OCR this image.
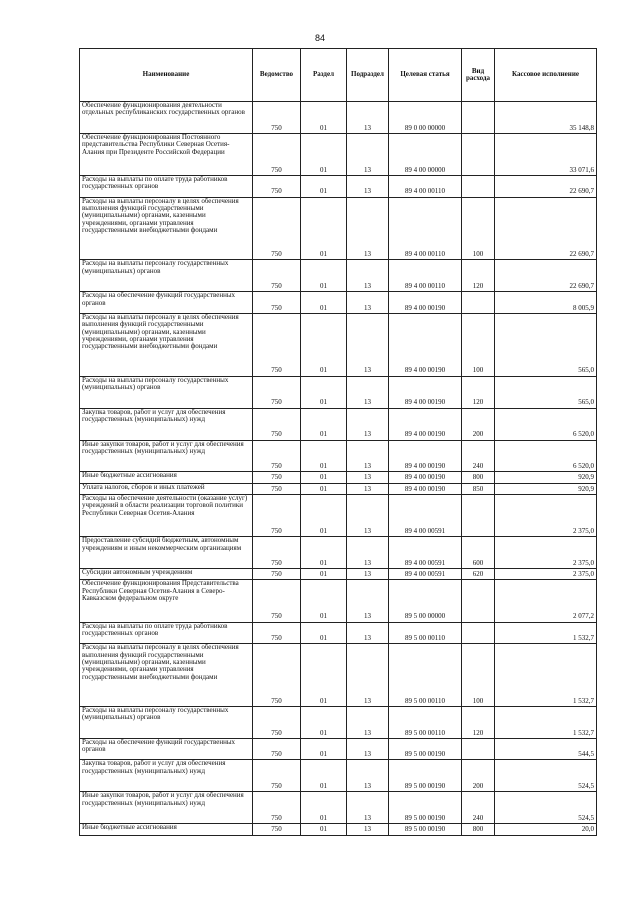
84
Наименование	Ведомство	Раздел	Подраздел	Целевая статья	Вид расхода	Кассовое исполнение
Обеспечение функционирования деятельности отдельных республиканских государственных органов	750	01	13	89 0 00 00000		35 148,8
Обеспечение функционирования Постоянного представительства Республики Северная Осетия-Алания при Президенте Российской Федерации	750	01	13	89 4 00 00000		33 071,6
Расходы на выплаты по оплате труда работников государственных органов	750	01	13	89 4 00 00110		22 690,7
Расходы на выплаты персоналу в целях обеспечения выполнения функций государственными (муниципальными) органами, казенными учреждениями, органами управления государственными внебюджетными фондами	750	01	13	89 4 00 00110	100	22 690,7
Расходы на выплаты персоналу государственных (муниципальных) органов	750	01	13	89 4 00 00110	120	22 690,7
Расходы на обеспечение функций государственных органов	750	01	13	89 4 00 00190		8 005,9
Расходы на выплаты персоналу в целях обеспечения выполнения функций государственными (муниципальными) органами, казенными учреждениями, органами управления государственными внебюджетными фондами	750	01	13	89 4 00 00190	100	565,0
Расходы на выплаты персоналу государственных (муниципальных) органов	750	01	13	89 4 00 00190	120	565,0
Закупка товаров, работ и услуг для обеспечения государственных (муниципальных) нужд	750	01	13	89 4 00 00190	200	6 520,0
Иные закупки товаров, работ и услуг для обеспечения государственных (муниципальных) нужд	750	01	13	89 4 00 00190	240	6 520,0
Иные бюджетные ассигнования	750	01	13	89 4 00 00190	800	920,9
Уплата налогов, сборов и иных платежей	750	01	13	89 4 00 00190	850	920,9
Расходы на обеспечение деятельности (оказание услуг) учреждений в области реализации торговой политики Республики Северная Осетия-Алания	750	01	13	89 4 00 00591		2 375,0
Предоставление субсидий бюджетным, автономным учреждениям и иным некоммерческим организациям	750	01	13	89 4 00 00591	600	2 375,0
Субсидии автономным учреждениям	750	01	13	89 4 00 00591	620	2 375,0
Обеспечение функционирования Представительства Республики Северная Осетия-Алания в Северо-Кавказском федеральном округе	750	01	13	89 5 00 00000		2 077,2
Расходы на выплаты по оплате труда работников государственных органов	750	01	13	89 5 00 00110		1 532,7
Расходы на выплаты персоналу в целях обеспечения выполнения функций государственными (муниципальными) органами, казенными учреждениями, органами управления государственными внебюджетными фондами	750	01	13	89 5 00 00110	100	1 532,7
Расходы на выплаты персоналу государственных (муниципальных) органов	750	01	13	89 5 00 00110	120	1 532,7
Расходы на обеспечение функций государственных органов	750	01	13	89 5 00 00190		544,5
Закупка товаров, работ и услуг для обеспечения государственных (муниципальных) нужд	750	01	13	89 5 00 00190	200	524,5
Иные закупки товаров, работ и услуг для обеспечения государственных (муниципальных) нужд	750	01	13	89 5 00 00190	240	524,5
Иные бюджетные ассигнования	750	01	13	89 5 00 00190	800	20,0
